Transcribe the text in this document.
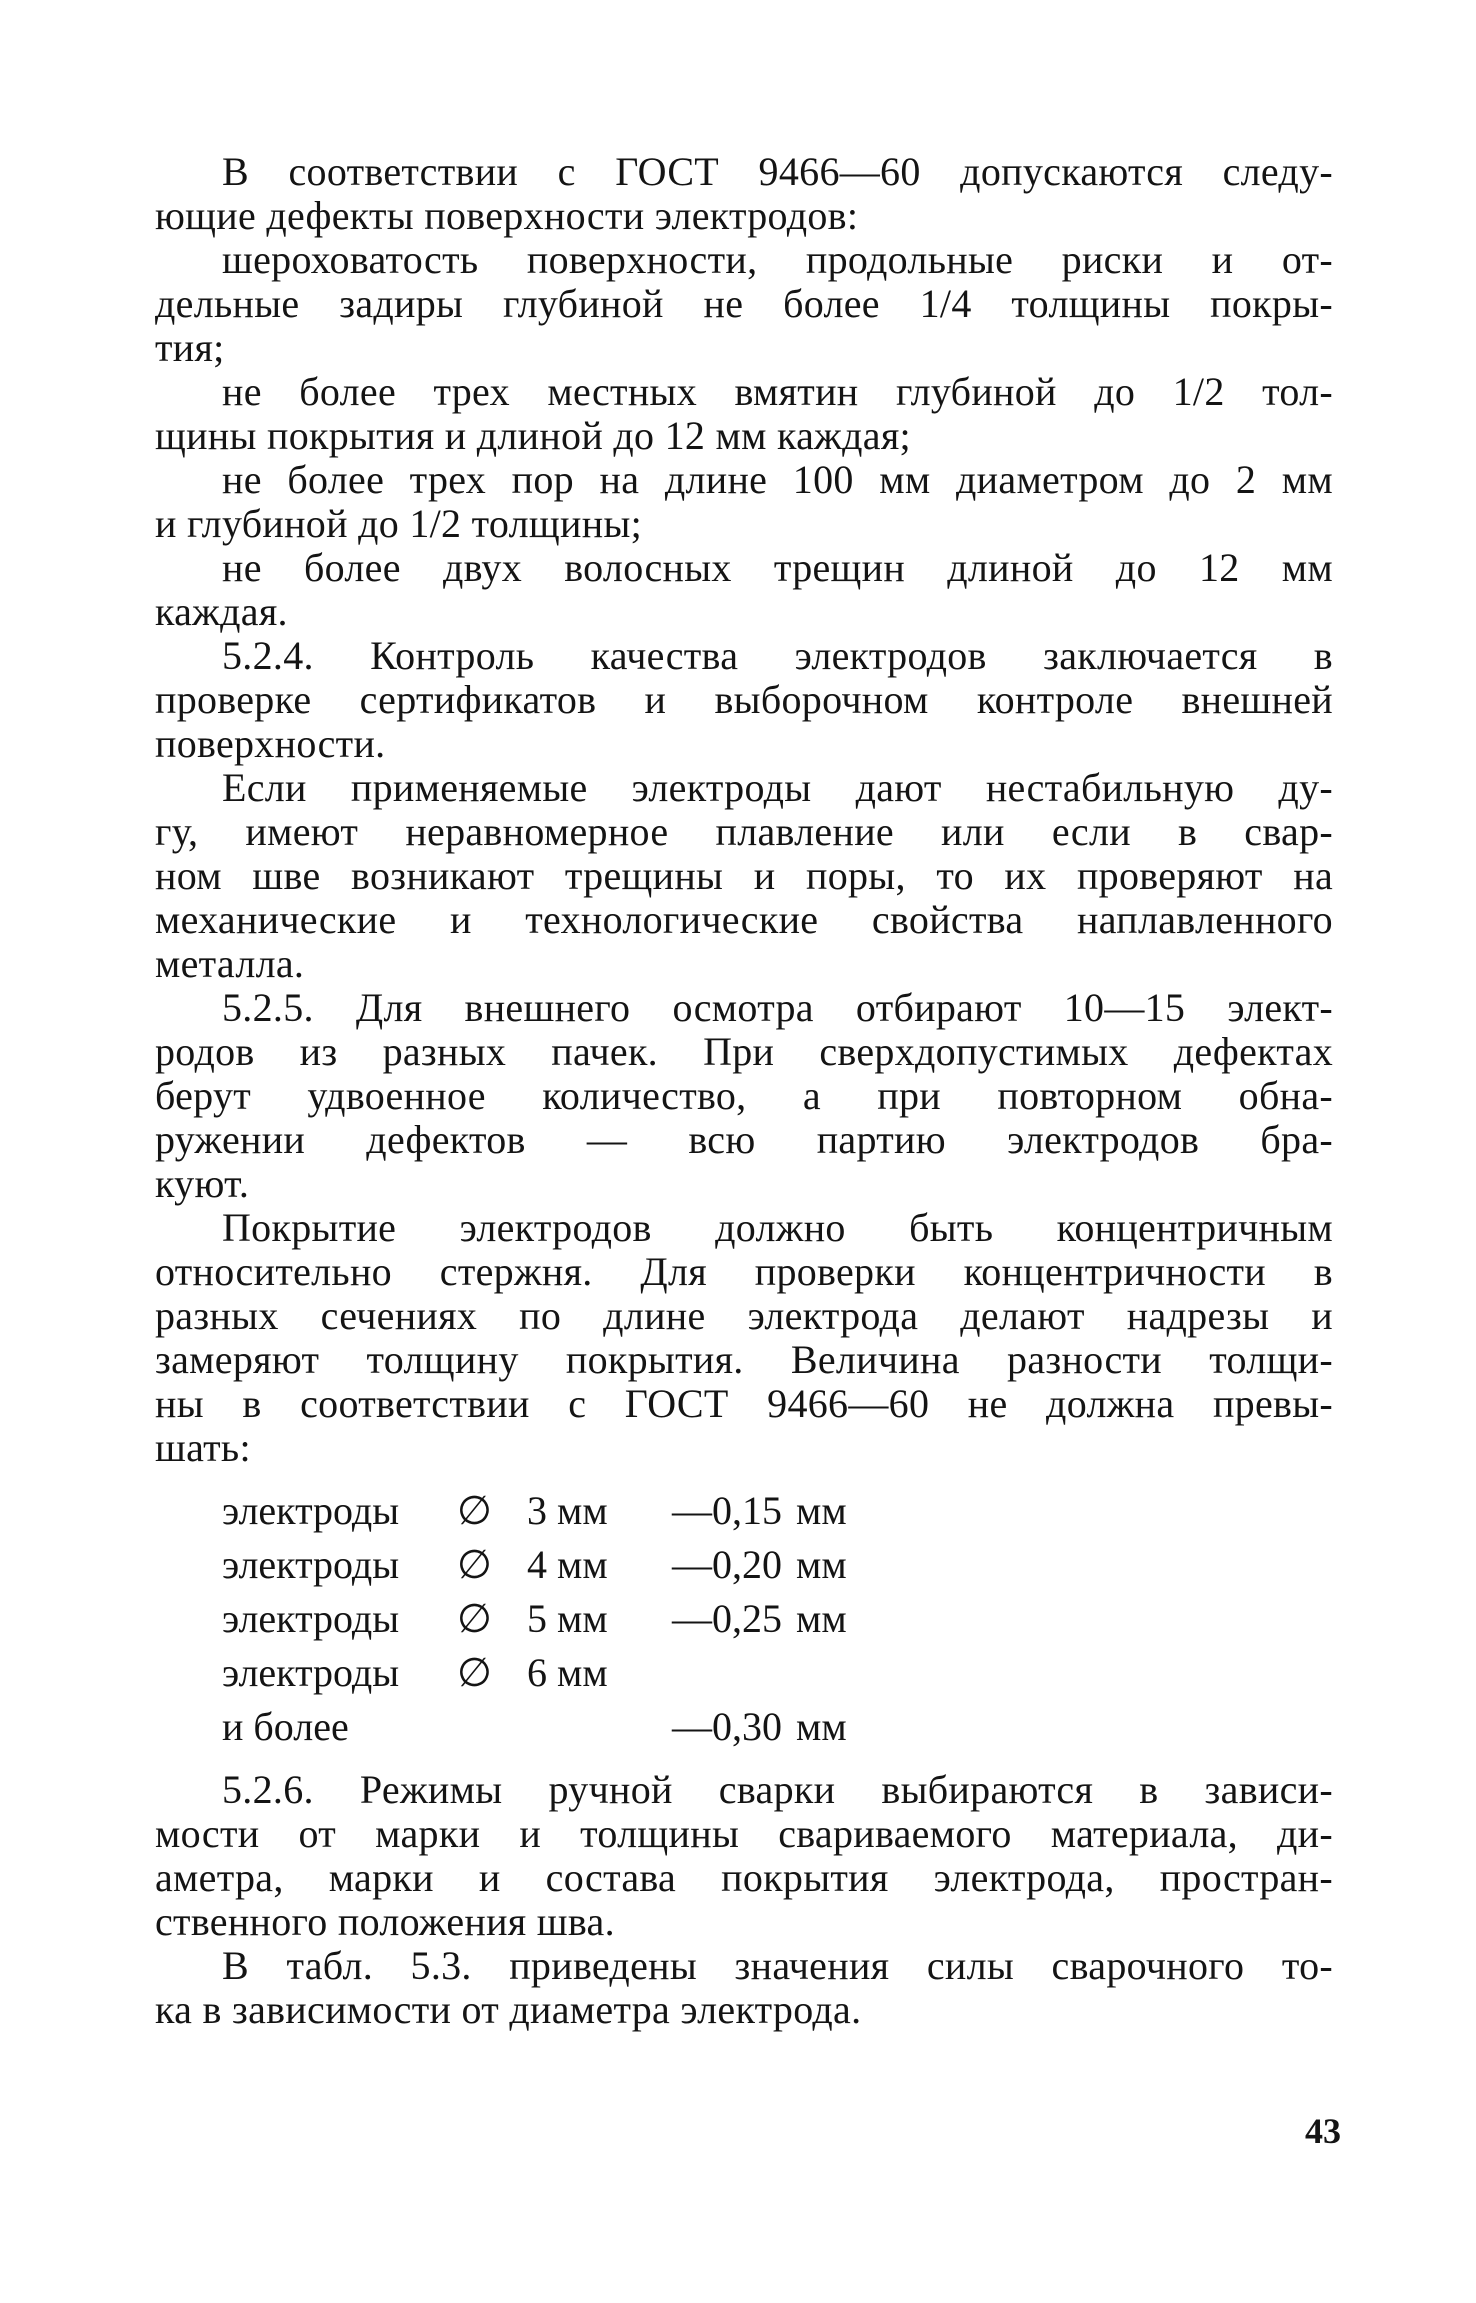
В соответствии с ГОСТ 9466—60 допускаются следу-
ющие дефекты поверхности электродов:
шероховатость поверхности, продольные риски и от-
дельные задиры глубиной не более 1/4 толщины покры-
тия;
не более трех местных вмятин глубиной до 1/2 тол-
щины покрытия и длиной до 12 мм каждая;
не более трех пор на длине 100 мм диаметром до 2 мм
и глубиной до 1/2 толщины;
не более двух волосных трещин длиной до 12 мм
каждая.
5.2.4. Контроль качества электродов заключается в
проверке сертификатов и выборочном контроле внешней
поверхности.
Если применяемые электроды дают нестабильную ду-
гу, имеют неравномерное плавление или если в свар-
ном шве возникают трещины и поры, то их проверяют на
механические и технологические свойства наплавленного
металла.
5.2.5. Для внешнего осмотра отбирают 10—15 элект-
родов из разных пачек. При сверхдопустимых дефектах
берут удвоенное количество, а при повторном обна-
ружении дефектов — всю партию электродов бра-
куют.
Покрытие электродов должно быть концентричным
относительно стержня. Для проверки концентричности в
разных сечениях по длине электрода делают надрезы и
замеряют толщину покрытия. Величина разности толщи-
ны в соответствии с ГОСТ 9466—60 не должна превы-
шать:
электроды	∅ 3 мм	— 0,15 мм
электроды	∅ 4 мм	— 0,20 мм
электроды	∅ 5 мм	— 0,25 мм
электроды	∅ 6 мм
и более	— 0,30 мм
5.2.6. Режимы ручной сварки выбираются в зависи-
мости от марки и толщины свариваемого материала, ди-
аметра, марки и состава покрытия электрода, простран-
ственного положения шва.
В табл. 5.3. приведены значения силы сварочного то-
ка в зависимости от диаметра электрода.
43
